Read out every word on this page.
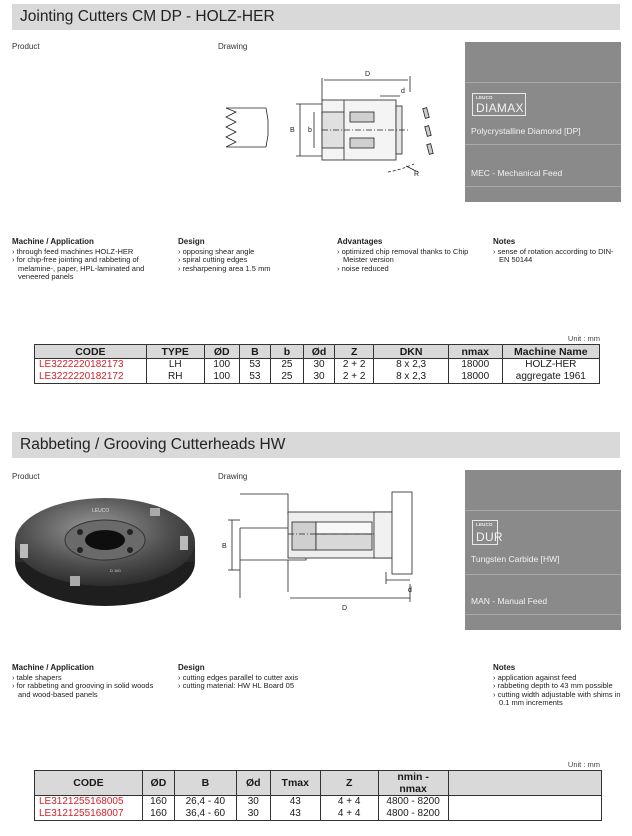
Jointing Cutters CM DP - HOLZ-HER
Product	Drawing
D
d
B b
R
LEUCO
DIAMAX
Polycrystalline Diamond [DP]
MEC - Mechanical Feed
Machine / Application
› through feed machines HOLZ-HER
› for chip-free jointing and rabbeting of melamine-, paper, HPL-laminated and veneered panels
Design
› opposing shear angle
› spiral cutting edges
› resharpening area 1.5 mm
Advantages
› optimized chip removal thanks to Chip Meister version
› noise reduced
Notes
› sense of rotation according to DIN-EN 50144
Unit : mm
CODE	TYPE	ØD	B	b	Ød	Z	DKN	nmax	Machine Name
LE3222220182173	LH	100	53	25	30	2 + 2	8 x 2,3	18000	HOLZ-HER
LE3222220182172	RH	100	53	25	30	2 + 2	8 x 2,3	18000	aggregate 1961
Rabbeting / Grooving Cutterheads HW
Product	Drawing
LEUCO
D 160
B
d
D
LEUCO
DUR
Tungsten Carbide [HW]
MAN - Manual Feed
Machine / Application
› table shapers
› for rabbeting and grooving in solid woods and wood-based panels
Design
› cutting edges parallel to cutter axis
› cutting material: HW HL Board 05
Notes
› application against feed
› rabbeting depth to 43 mm possible
› cutting width adjustable with shims in 0.1 mm increments
Unit : mm
CODE	ØD	B	Ød	Tmax	Z	nmin - nmax	
LE3121255168005	160	26,4 - 40	30	43	4 + 4	4800 - 8200	
LE3121255168007	160	36,4 - 60	30	43	4 + 4	4800 - 8200	
